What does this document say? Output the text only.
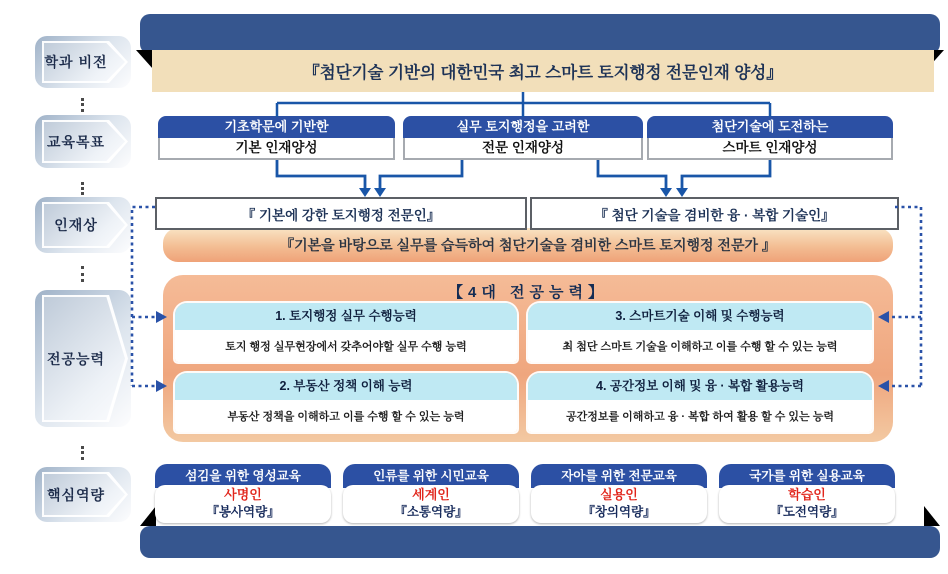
학과 비전
교육목표
인재상
전공능력
핵심역량
『첨단기술 기반의 대한민국 최고 스마트 토지행정 전문인재 양성』
기초학문에 기반한
기본 인재양성
실무 토지행정을 고려한
전문 인재양성
첨단기술에 도전하는
스마트 인재양성
『 기본에 강한 토지행정 전문인』	『 첨단 기술을 겸비한 융 · 복합 기술인』
『기본을 바탕으로 실무를 습득하여 첨단기술을 겸비한 스마트 토지행정 전문가 』
【4대 전공능력】
1. 토지행정 실무 수행능력
토지 행정 실무현장에서 갖추어야할 실무 수행 능력
3. 스마트기술 이해 및 수행능력
최 첨단 스마트 기술을 이해하고 이를 수행 할 수 있는 능력
2. 부동산 정책 이해 능력
부동산 정책을 이해하고 이를 수행 할 수 있는 능력
4. 공간정보 이해 및 융 · 복합 활용능력
공간정보를 이해하고 융 · 복합 하여 활용 할 수 있는 능력
섬김을 위한 영성교육
사명인
『봉사역량』
인류를 위한 시민교육
세계인
『소통역량』
자아를 위한 전문교육
실용인
『창의역량』
국가를 위한 실용교육
학습인
『도전역량』
